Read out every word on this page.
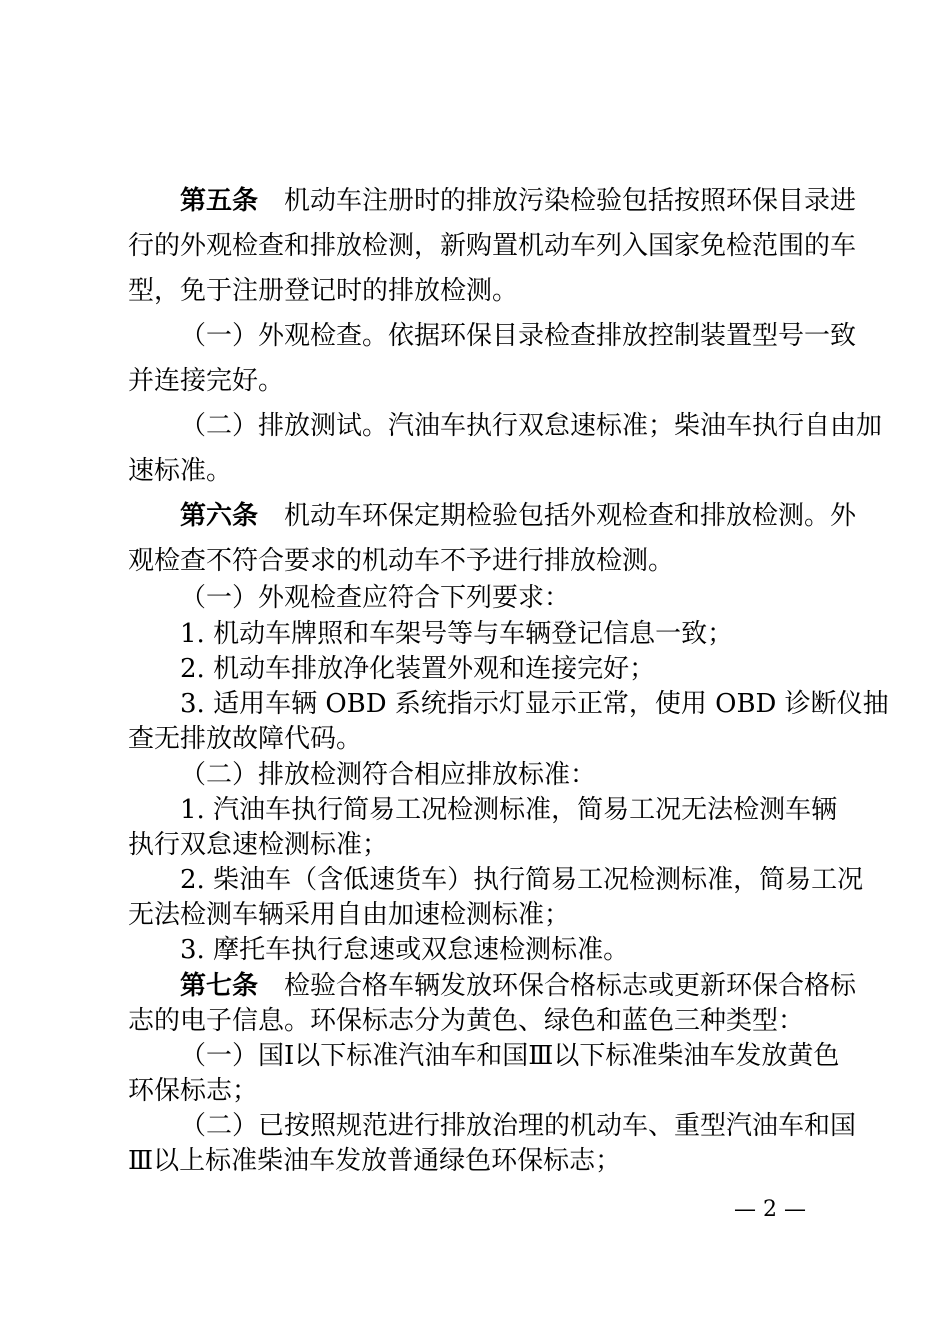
第五条  机动车注册时的排放污染检验包括按照环保目录进
行的外观检查和排放检测，新购置机动车列入国家免检范围的车
型，免于注册登记时的排放检测。
（一）外观检查。依据环保目录检查排放控制装置型号一致
并连接完好。
（二）排放测试。汽油车执行双怠速标准；柴油车执行自由加
速标准。
第六条  机动车环保定期检验包括外观检查和排放检测。外
观检查不符合要求的机动车不予进行排放检测。
（一）外观检查应符合下列要求：
1. 机动车牌照和车架号等与车辆登记信息一致；
2. 机动车排放净化装置外观和连接完好；
3. 适用车辆 OBD 系统指示灯显示正常，使用 OBD 诊断仪抽
查无排放故障代码。
（二）排放检测符合相应排放标准：
1. 汽油车执行简易工况检测标准，简易工况无法检测车辆
执行双怠速检测标准；
2. 柴油车（含低速货车）执行简易工况检测标准，简易工况
无法检测车辆采用自由加速检测标准；
3. 摩托车执行怠速或双怠速检测标准。
第七条  检验合格车辆发放环保合格标志或更新环保合格标
志的电子信息。环保标志分为黄色、绿色和蓝色三种类型：
（一）国Ⅰ以下标准汽油车和国Ⅲ以下标准柴油车发放黄色
环保标志；
（二）已按照规范进行排放治理的机动车、重型汽油车和国
Ⅲ以上标准柴油车发放普通绿色环保标志；
— 2 —
